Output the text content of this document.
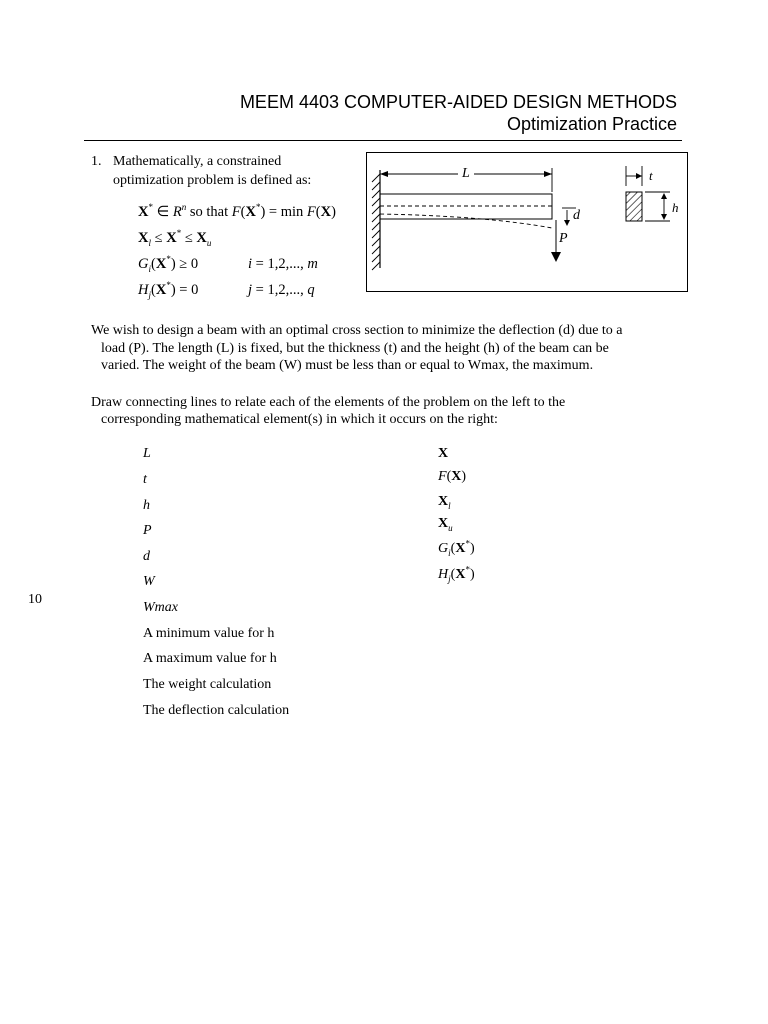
MEEM 4403 COMPUTER-AIDED DESIGN METHODS
Optimization Practice
1. Mathematically, a constrained
optimization problem is defined as:
X* ∈ $R^n$ so that F(X*) = min F(X)
$X_l \le X^* \le X_u$
$G_i(X^*) \ge 0$	i = 1,2,..., m
$H_j(X^*) = 0$	j = 1,2,..., q
L
d
P
t
h
We wish to design a beam with an optimal cross section to minimize the deflection (d) due to a
load (P). The length (L) is fixed, but the thickness (t) and the height (h) of the beam can be
varied. The weight of the beam (W) must be less than or equal to Wmax, the maximum.
Draw connecting lines to relate each of the elements of the problem on the left to the
corresponding mathematical element(s) in which it occurs on the right:
L
t
h
P
d
W
Wmax
A minimum value for h
A maximum value for h
The weight calculation
The deflection calculation
X
F(X)
$X_l$
$X_u$
$G_i(X^*)$
$H_j(X^*)$
10
